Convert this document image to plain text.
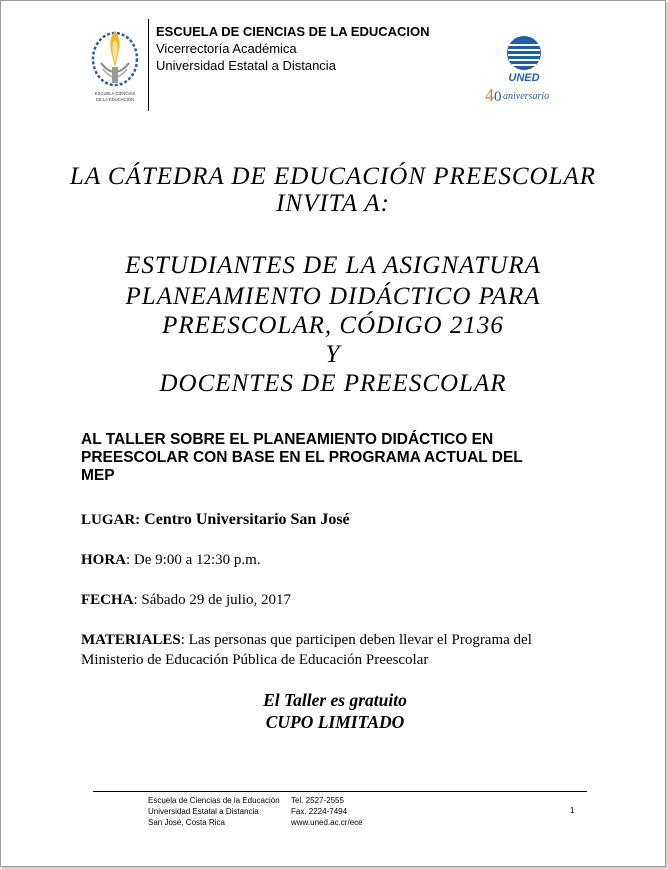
ESCUELA CIENCIAS
DE LA EDUCACIÓN
ESCUELA DE CIENCIAS DE LA EDUCACION
Vicerrectoría Académica
Universidad Estatal a Distancia
UNED
4 0 aniversario
LA CÁTEDRA DE EDUCACIÓN PREESCOLAR
INVITA A:
ESTUDIANTES DE LA ASIGNATURA
PLANEAMIENTO DIDÁCTICO PARA
PREESCOLAR, CÓDIGO 2136
Y
DOCENTES DE PREESCOLAR
AL TALLER SOBRE EL PLANEAMIENTO DIDÁCTICO EN
PREESCOLAR CON BASE EN EL PROGRAMA ACTUAL DEL
MEP
LUGAR: Centro Universitario San José
HORA: De 9:00 a 12:30 p.m.
FECHA: Sábado 29 de julio, 2017
MATERIALES: Las personas que participen deben llevar el Programa del
Ministerio de Educación Pública de Educación Preescolar
El Taller es gratuito
CUPO LIMITADO
Escuela de Ciencias de la Educación
Universidad Estatal a Distancia
San José, Costa Rica
Tel. 2527-2555
Fax. 2224-7494
www.uned.ac.cr/ece
1
